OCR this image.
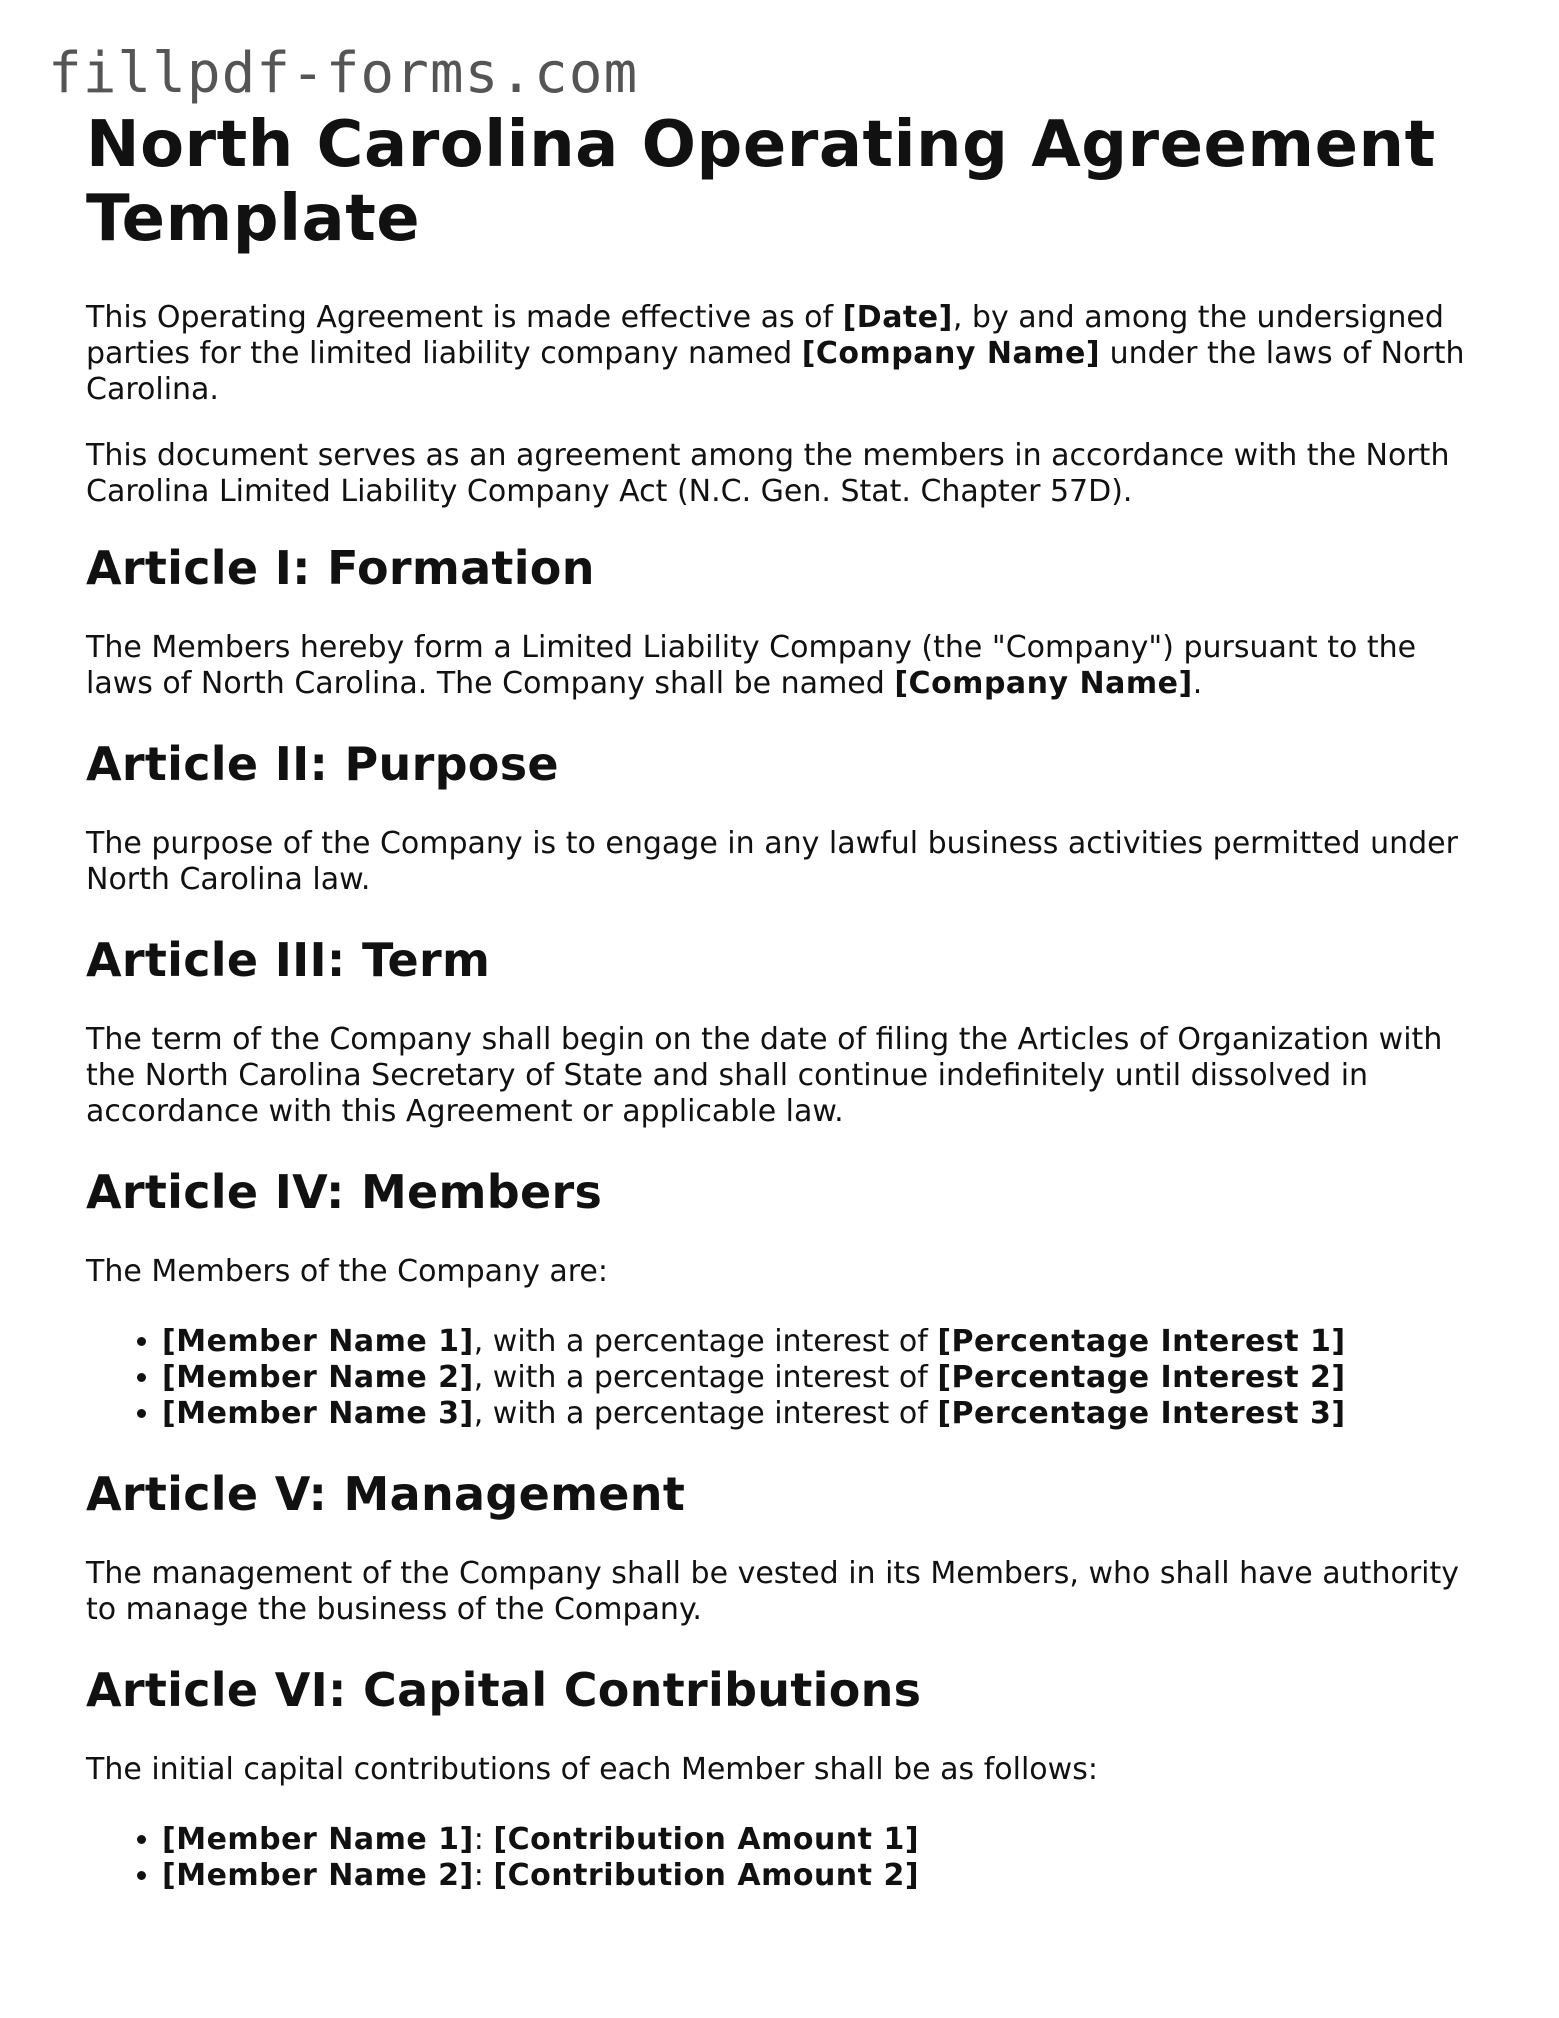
fillpdf-forms.com
North Carolina Operating Agreement Template

This Operating Agreement is made effective as of [Date], by and among the undersigned parties for the limited liability company named [Company Name] under the laws of North Carolina.

This document serves as an agreement among the members in accordance with the North Carolina Limited Liability Company Act (N.C. Gen. Stat. Chapter 57D).

Article I: Formation

The Members hereby form a Limited Liability Company (the "Company") pursuant to the laws of North Carolina. The Company shall be named [Company Name].

Article II: Purpose

The purpose of the Company is to engage in any lawful business activities permitted under North Carolina law.

Article III: Term

The term of the Company shall begin on the date of filing the Articles of Organization with the North Carolina Secretary of State and shall continue indefinitely until dissolved in accordance with this Agreement or applicable law.

Article IV: Members

The Members of the Company are:

• [Member Name 1], with a percentage interest of [Percentage Interest 1]
• [Member Name 2], with a percentage interest of [Percentage Interest 2]
• [Member Name 3], with a percentage interest of [Percentage Interest 3]
Article V: Management

The management of the Company shall be vested in its Members, who shall have authority to manage the business of the Company.

Article VI: Capital Contributions

The initial capital contributions of each Member shall be as follows:

• [Member Name 1]: [Contribution Amount 1]
• [Member Name 2]: [Contribution Amount 2]
